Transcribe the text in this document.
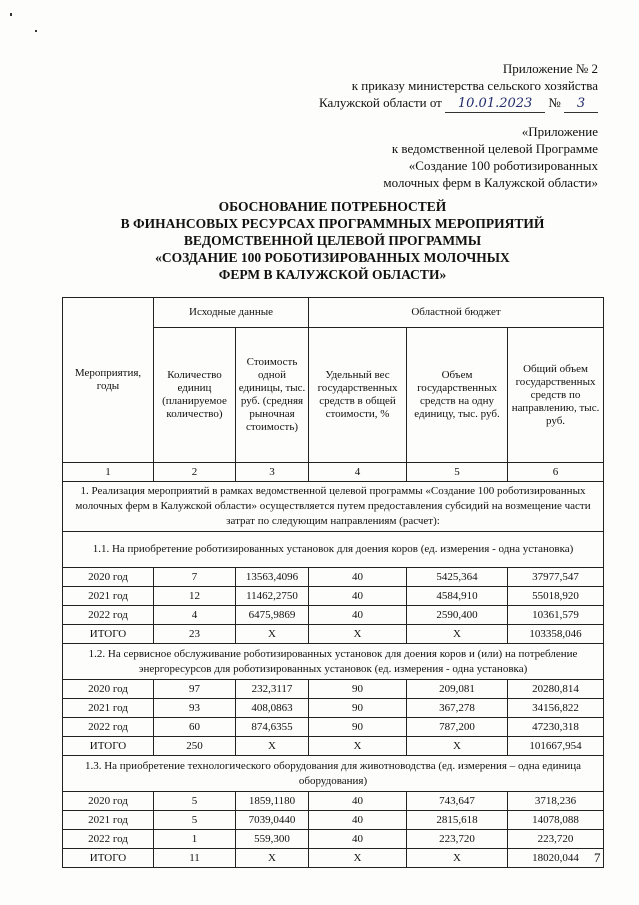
Приложение № 2
к приказу министерства сельского хозяйства
Калужской области от 10.01.2023 № 3
«Приложение
к ведомственной целевой Программе
«Создание 100 роботизированных
молочных ферм в Калужской области»
ОБОСНОВАНИЕ ПОТРЕБНОСТЕЙ
В ФИНАНСОВЫХ РЕСУРСАХ ПРОГРАММНЫХ МЕРОПРИЯТИЙ
ВЕДОМСТВЕННОЙ ЦЕЛЕВОЙ ПРОГРАММЫ
«СОЗДАНИЕ 100 РОБОТИЗИРОВАННЫХ МОЛОЧНЫХ
ФЕРМ В КАЛУЖСКОЙ ОБЛАСТИ»
Мероприятия, годы	Исходные данные		Областной бюджет		
	Количество единиц (планируемое количество)	Стоимость одной единицы, тыс. руб. (средняя рыночная стоимость)	Удельный вес государственных средств в общей стоимости, %	Объем государственных средств на одну единицу, тыс. руб.	Общий объем государственных средств по направлению, тыс. руб.
1	2	3	4	5	6
1. Реализация мероприятий в рамках ведомственной целевой программы «Создание 100 роботизированных молочных ферм в Калужской области» осуществляется путем предоставления субсидий на возмещение части затрат по следующим направлениям (расчет):					
1.1. На приобретение роботизированных установок для доения коров (ед. измерения - одна установка)					
2020 год	7	13563,4096	40	5425,364	37977,547
2021 год	12	11462,2750	40	4584,910	55018,920
2022 год	4	6475,9869	40	2590,400	10361,579
ИТОГО	23	X	X	X	103358,046
1.2. На сервисное обслуживание роботизированных установок для доения коров и (или) на потребление энергоресурсов для роботизированных установок (ед. измерения - одна установка)					
2020 год	97	232,3117	90	209,081	20280,814
2021 год	93	408,0863	90	367,278	34156,822
2022 год	60	874,6355	90	787,200	47230,318
ИТОГО	250	X	X	X	101667,954
1.3. На приобретение технологического оборудования для животноводства (ед. измерения – одна единица оборудования)					
2020 год	5	1859,1180	40	743,647	3718,236
2021 год	5	7039,0440	40	2815,618	14078,088
2022 год	1	559,300	40	223,720	223,720
ИТОГО	11	X	X	X	18020,044 7
